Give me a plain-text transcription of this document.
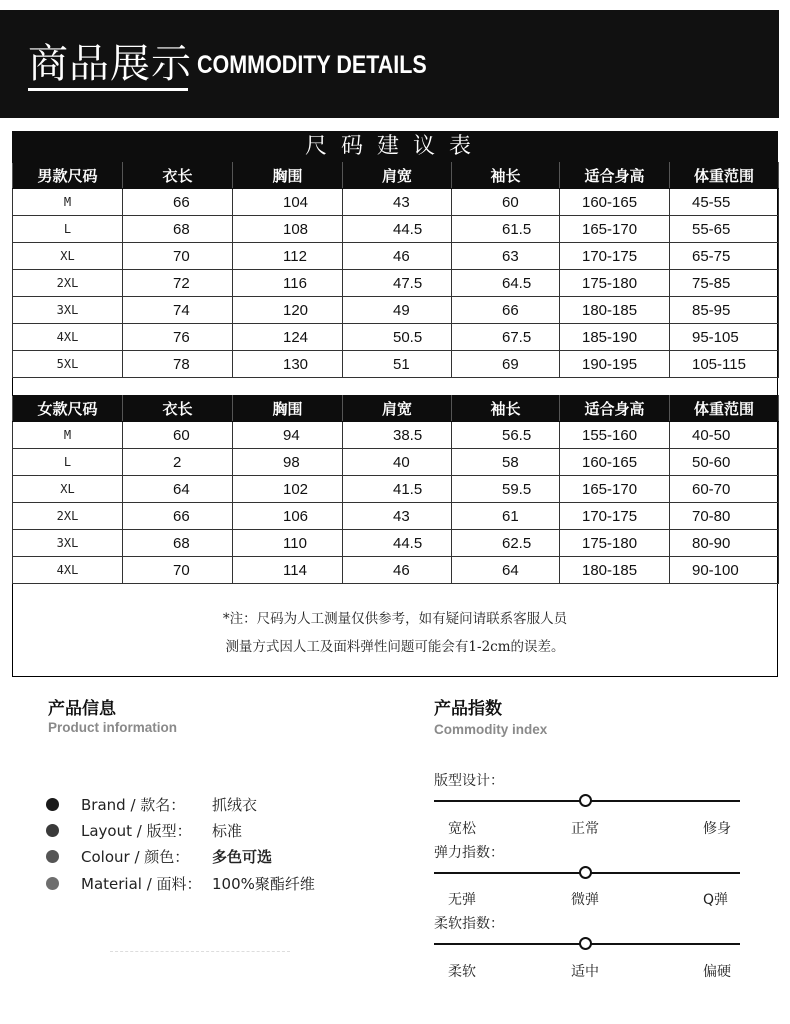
商品展示 COMMODITY DETAILS
尺码建议表
男款尺码	衣长	胸围	肩宽	袖长	适合身高	体重范围
M	66	104	43	60	160-165	45-55
L	68	108	44.5	61.5	165-170	55-65
XL	70	112	46	63	170-175	65-75
2XL	72	116	47.5	64.5	175-180	75-85
3XL	74	120	49	66	180-185	85-95
4XL	76	124	50.5	67.5	185-190	95-105
5XL	78	130	51	69	190-195	105-115
女款尺码	衣长	胸围	肩宽	袖长	适合身高	体重范围
M	60	94	38.5	56.5	155-160	40-50
L	2	98	40	58	160-165	50-60
XL	64	102	41.5	59.5	165-170	60-70
2XL	66	106	43	61	170-175	70-80
3XL	68	110	44.5	62.5	175-180	80-90
4XL	70	114	46	64	180-185	90-100
*注：尺码为人工测量仅供参考，如有疑问请联系客服人员
测量方式因人工及面料弹性问题可能会有1-2cm的误差。
产品信息
Product information
Brand / 款名： 抓绒衣
Layout / 版型： 标准
Colour / 颜色： 多色可选
Material / 面料： 100%聚酯纤维
产品指数
Commodity index
版型设计：
宽松	正常	修身
弹力指数：
无弹	微弹	Q弹
柔软指数：
柔软	适中	偏硬
